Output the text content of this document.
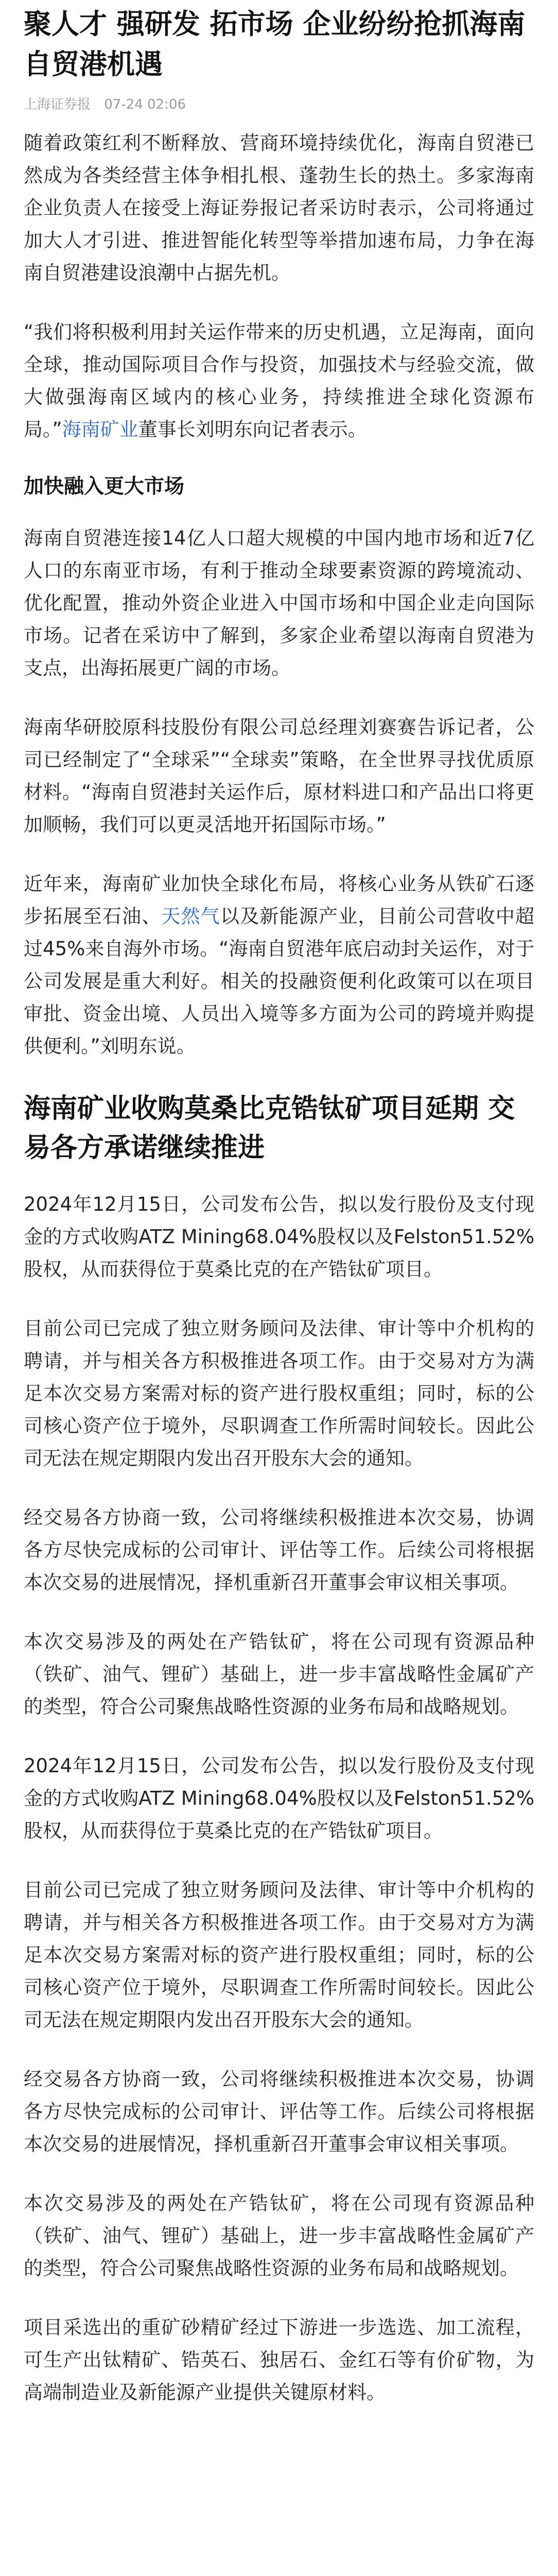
聚人才 强研发 拓市场 企业纷纷抢抓海南自贸港机遇
上海证券报 07-24 02:06

随着政策红利不断释放、营商环境持续优化，海南自贸港已然成为各类经营主体争相扎根、蓬勃生长的热土。多家海南企业负责人在接受上海证券报记者采访时表示，公司将通过加大人才引进、推进智能化转型等举措加速布局，力争在海南自贸港建设浪潮中占据先机。

“我们将积极利用封关运作带来的历史机遇，立足海南，面向全球，推动国际项目合作与投资，加强技术与经验交流，做大做强海南区域内的核心业务，持续推进全球化资源布局。”海南矿业董事长刘明东向记者表示。

加快融入更大市场

海南自贸港连接14亿人口超大规模的中国内地市场和近7亿人口的东南亚市场，有利于推动全球要素资源的跨境流动、优化配置，推动外资企业进入中国市场和中国企业走向国际市场。记者在采访中了解到，多家企业希望以海南自贸港为支点，出海拓展更广阔的市场。

海南华研胶原科技股份有限公司总经理刘赛赛告诉记者，公司已经制定了“全球采”“全球卖”策略，在全世界寻找优质原材料。“海南自贸港封关运作后，原材料进口和产品出口将更加顺畅，我们可以更灵活地开拓国际市场。”

近年来，海南矿业加快全球化布局，将核心业务从铁矿石逐步拓展至石油、天然气以及新能源产业，目前公司营收中超过45%来自海外市场。“海南自贸港年底启动封关运作，对于公司发展是重大利好。相关的投融资便利化政策可以在项目审批、资金出境、人员出入境等多方面为公司的跨境并购提供便利。”刘明东说。

海南矿业收购莫桑比克锆钛矿项目延期 交易各方承诺继续推进

2024年12月15日，公司发布公告，拟以发行股份及支付现金的方式收购ATZ Mining68.04%股权以及Felston51.52%股权，从而获得位于莫桑比克的在产锆钛矿项目。

目前公司已完成了独立财务顾问及法律、审计等中介机构的聘请，并与相关各方积极推进各项工作。由于交易对方为满足本次交易方案需对标的资产进行股权重组；同时，标的公司核心资产位于境外，尽职调查工作所需时间较长。因此公司无法在规定期限内发出召开股东大会的通知。

经交易各方协商一致，公司将继续积极推进本次交易，协调各方尽快完成标的公司审计、评估等工作。后续公司将根据本次交易的进展情况，择机重新召开董事会审议相关事项。

本次交易涉及的两处在产锆钛矿，将在公司现有资源品种（铁矿、油气、锂矿）基础上，进一步丰富战略性金属矿产的类型，符合公司聚焦战略性资源的业务布局和战略规划。

2024年12月15日，公司发布公告，拟以发行股份及支付现金的方式收购ATZ Mining68.04%股权以及Felston51.52%股权，从而获得位于莫桑比克的在产锆钛矿项目。

目前公司已完成了独立财务顾问及法律、审计等中介机构的聘请，并与相关各方积极推进各项工作。由于交易对方为满足本次交易方案需对标的资产进行股权重组；同时，标的公司核心资产位于境外，尽职调查工作所需时间较长。因此公司无法在规定期限内发出召开股东大会的通知。

经交易各方协商一致，公司将继续积极推进本次交易，协调各方尽快完成标的公司审计、评估等工作。后续公司将根据本次交易的进展情况，择机重新召开董事会审议相关事项。

本次交易涉及的两处在产锆钛矿，将在公司现有资源品种（铁矿、油气、锂矿）基础上，进一步丰富战略性金属矿产的类型，符合公司聚焦战略性资源的业务布局和战略规划。

项目采选出的重矿砂精矿经过下游进一步选选、加工流程，可生产出钛精矿、锆英石、独居石、金红石等有价矿物，为高端制造业及新能源产业提供关键原材料。
